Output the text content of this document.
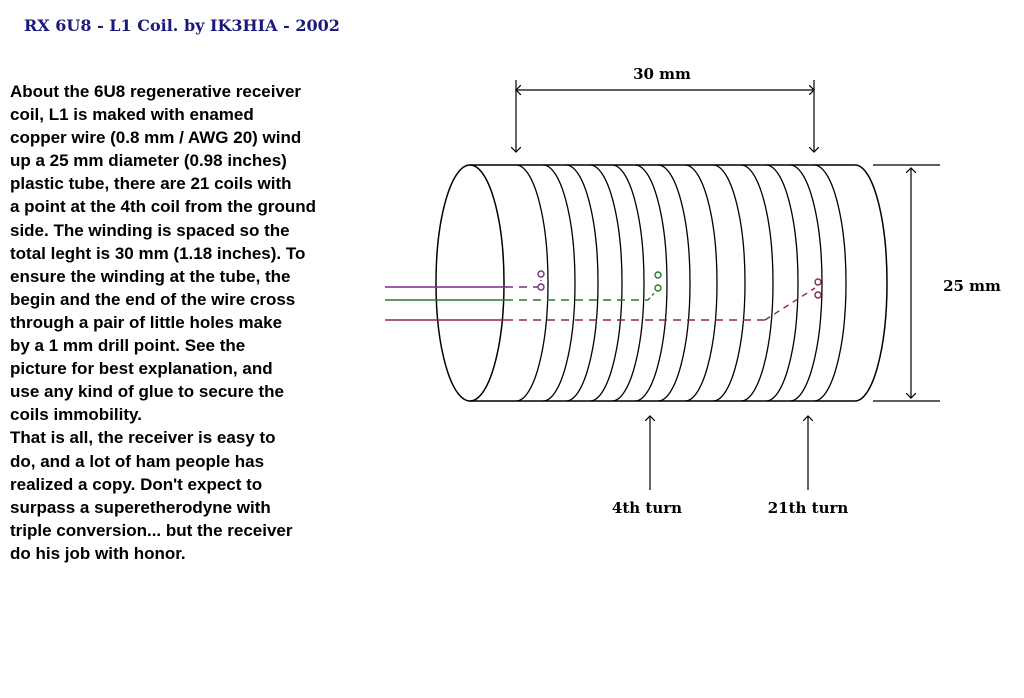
RX 6U8 - L1 Coil. by IK3HIA - 2002
About the 6U8 regenerative receiver
coil, L1 is maked with enamed
copper wire (0.8 mm / AWG 20) wind
up a 25 mm diameter (0.98 inches)
plastic tube, there are 21 coils with
a point at the 4th coil from the ground
side. The winding is spaced so the
total leght is 30 mm (1.18 inches). To
ensure the winding at the tube, the
begin and the end of the wire cross
through a pair of little holes make
by a 1 mm drill point. See the
picture for best explanation, and
use any kind of glue to secure the
coils immobility.
That is all, the receiver is easy to
do, and a lot of ham people has
realized a copy. Don't expect to
surpass a superetherodyne with
triple conversion... but the receiver
do his job with honor.
30 mm
25 mm
4th turn	21th turn
